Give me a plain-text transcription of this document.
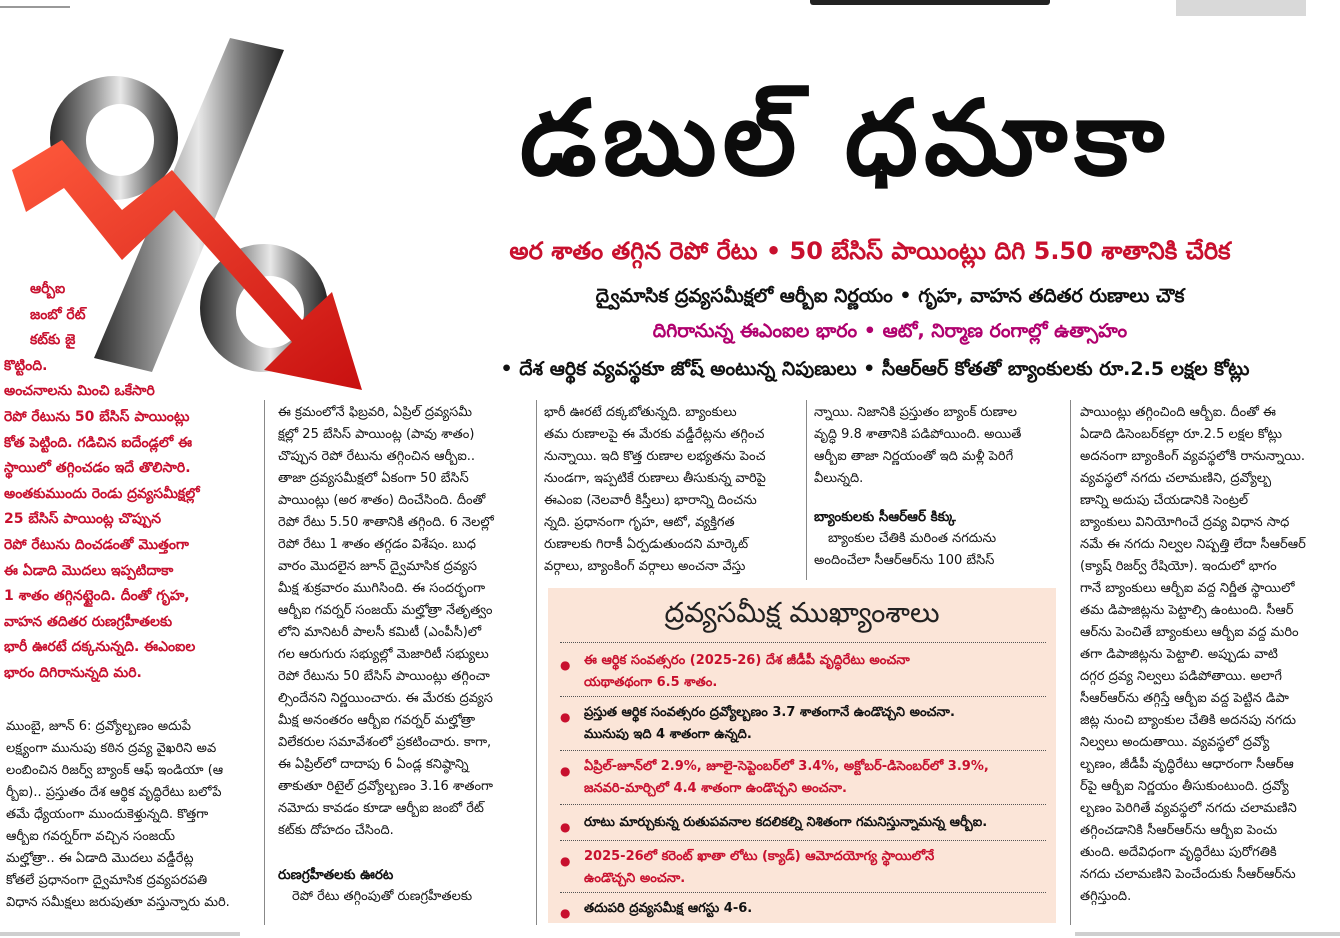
డబుల్ ధమాకా
అర శాతం తగ్గిన రెపో రేటు • 50 బేసిస్ పాయింట్లు దిగి 5.50 శాతానికి చేరిక
ద్వైమాసిక ద్రవ్యసమీక్షలో ఆర్బీఐ నిర్ణయం • గృహ, వాహన తదితర రుణాలు చౌక
దిగిరానున్న ఈఎంఐల భారం • ఆటో, నిర్మాణ రంగాల్లో ఉత్సాహం
• దేశ ఆర్థిక వ్యవస్థకూ జోష్ అంటున్న నిపుణులు • సీఆర్ఆర్ కోతతో బ్యాంకులకు రూ.2.5 లక్షల కోట్లు
ఆర్బీఐ
జంబో రేట్
కట్‌కు జై
కొట్టింది.
అంచనాలను మించి ఒకేసారి
రెపో రేటును 50 బేసిస్ పాయింట్లు
కోత పెట్టింది. గడిచిన ఐదేండ్లలో ఈ
స్థాయిలో తగ్గించడం ఇదే తొలిసారి.
అంతకుముందు రెండు ద్రవ్యసమీక్షల్లో
25 బేసిస్ పాయింట్ల చొప్పున
రెపో రేటును దించడంతో మొత్తంగా
ఈ ఏడాది మొదలు ఇప్పటిదాకా
1 శాతం తగ్గినట్టైంది. దీంతో గృహ,
వాహన తదితర రుణగ్రహీతలకు
భారీ ఊరటే దక్కనున్నది. ఈఎంఐల
భారం దిగిరానున్నది మరి.
ముంబై, జూన్ 6: ద్రవ్యోల్బణం అదుపే
లక్ష్యంగా మునుపు కఠిన ద్రవ్య వైఖరిని అవ
లంబించిన రిజర్వ్ బ్యాంక్ ఆఫ్ ఇండియా (ఆ
ర్బీఐ).. ప్రస్తుతం దేశ ఆర్థిక వృద్ధిరేటు బలోపే
తమే ధ్యేయంగా ముందుకెళ్తున్నది. కొత్తగా
ఆర్బీఐ గవర్నర్‌గా వచ్చిన సంజయ్
మల్హోత్రా.. ఈ ఏడాది మొదలు వడ్డీరేట్ల
కోతలే ప్రధానంగా ద్వైమాసిక ద్రవ్యపరపతి
విధాన సమీక్షలు జరుపుతూ వస్తున్నారు మరి.
ఈ క్రమంలోనే ఫిబ్రవరి, ఏప్రిల్ ద్రవ్యసమీ
క్షల్లో 25 బేసిస్ పాయింట్ల (పావు శాతం)
చొప్పున రెపో రేటును తగ్గించిన ఆర్బీఐ..
తాజా ద్రవ్యసమీక్షలో ఏకంగా 50 బేసిస్
పాయింట్లు (అర శాతం) దించేసింది. దీంతో
రెపో రేటు 5.50 శాతానికి తగ్గింది. 6 నెలల్లో
రెపో రేటు 1 శాతం తగ్గడం విశేషం. బుధ
వారం మొదలైన జూన్ ద్వైమాసిక ద్రవ్యస
మీక్ష శుక్రవారం ముగిసింది. ఈ సందర్భంగా
ఆర్బీఐ గవర్నర్ సంజయ్ మల్హోత్రా నేతృత్వం
లోని మానిటరీ పాలసీ కమిటీ (ఎంపీసీ)లో
గల ఆరుగురు సభ్యుల్లో మెజారిటీ సభ్యులు
రెపో రేటును 50 బేసిస్ పాయింట్లు తగ్గించా
ల్సిందేనని నిర్ణయించారు. ఈ మేరకు ద్రవ్యస
మీక్ష అనంతరం ఆర్బీఐ గవర్నర్ మల్హోత్రా
విలేకరుల సమావేశంలో ప్రకటించారు. కాగా,
ఈ ఏప్రిల్‌లో దాదాపు 6 ఏండ్ల కనిష్ఠాన్ని
తాకుతూ రిటైల్ ద్రవ్యోల్బణం 3.16 శాతంగా
నమోదు కావడం కూడా ఆర్బీఐ జంబో రేట్
కట్‌కు దోహదం చేసింది.
రుణగ్రహీతలకు ఊరట
రెపో రేటు తగ్గింపుతో రుణగ్రహీతలకు
భారీ ఊరటే దక్కబోతున్నది. బ్యాంకులు
తమ రుణాలపై ఈ మేరకు వడ్డీరేట్లను తగ్గించ
నున్నాయి. ఇది కొత్త రుణాల లభ్యతను పెంచ
నుండగా, ఇప్పటికే రుణాలు తీసుకున్న వారిపై
ఈఎంఐ (నెలవారీ కిస్తీలు) భారాన్ని దించను
న్నది. ప్రధానంగా గృహ, ఆటో, వ్యక్తిగత
రుణాలకు గిరాకీ ఏర్పడుతుందని మార్కెట్
వర్గాలు, బ్యాంకింగ్ వర్గాలు అంచనా వేస్తు
న్నాయి. నిజానికి ప్రస్తుతం బ్యాంక్ రుణాల
వృద్ధి 9.8 శాతానికి పడిపోయింది. అయితే
ఆర్బీఐ తాజా నిర్ణయంతో ఇది మళ్లీ పెరిగే
వీలున్నది.
బ్యాంకులకు సీఆర్ఆర్ కిక్కు
బ్యాంకుల చేతికి మరింత నగదును
అందించేలా సీఆర్ఆర్‌ను 100 బేసిస్
పాయింట్లు తగ్గించింది ఆర్బీఐ. దీంతో ఈ
ఏడాది డిసెంబర్‌కల్లా రూ.2.5 లక్షల కోట్లు
అదనంగా బ్యాంకింగ్ వ్యవస్థలోకి రానున్నాయి.
వ్యవస్థలో నగదు చలామణిని, ద్రవ్యోల్బ
ణాన్ని అదుపు చేయడానికి సెంట్రల్
బ్యాంకులు వినియోగించే ద్రవ్య విధాన సాధ
నమే ఈ నగదు నిల్వల నిష్పత్తి లేదా సీఆర్ఆర్
(క్యాష్ రిజర్వ్ రేషియో). ఇందులో భాగం
గానే బ్యాంకులు ఆర్బీఐ వద్ద నిర్ణీత స్థాయిలో
తమ డిపాజిట్లను పెట్టాల్సి ఉంటుంది. సీఆర్
ఆర్‌ను పెంచితే బ్యాంకులు ఆర్బీఐ వద్ద మరిం
తగా డిపాజిట్లను పెట్టాలి. అప్పుడు వాటి
దగ్గర ద్రవ్య నిల్వలు పడిపోతాయి. అలాగే
సీఆర్ఆర్‌ను తగ్గిస్తే ఆర్బీఐ వద్ద పెట్టిన డిపా
జిట్ల నుంచి బ్యాంకుల చేతికి అదనపు నగదు
నిల్వలు అందుతాయి. వ్యవస్థలో ద్రవ్యో
ల్బణం, జీడీపీ వృద్ధిరేటు ఆధారంగా సీఆర్ఆ
ర్‌పై ఆర్బీఐ నిర్ణయం తీసుకుంటుంది. ద్రవ్యో
ల్బణం పెరిగితే వ్యవస్థలో నగదు చలామణిని
తగ్గించడానికి సీఆర్ఆర్‌ను ఆర్బీఐ పెంచు
తుంది. అదేవిధంగా వృద్ధిరేటు పురోగతికి
నగదు చలామణిని పెంచేందుకు సీఆర్ఆర్‌ను
తగ్గిస్తుంది.
ద్రవ్యసమీక్ష ముఖ్యాంశాలు
● ఈ ఆర్థిక సంవత్సరం (2025-26) దేశ జీడీపీ వృద్ధిరేటు అంచనా
యథాతథంగా 6.5 శాతం.
● ప్రస్తుత ఆర్థిక సంవత్సరం ద్రవ్యోల్బణం 3.7 శాతంగానే ఉండొచ్చని అంచనా.
మునుపు ఇది 4 శాతంగా ఉన్నది.
● ఏప్రిల్-జూన్‌లో 2.9%, జూలై-సెప్టెంబర్‌లో 3.4%, అక్టోబర్-డిసెంబర్‌లో 3.9%,
జనవరి-మార్చిలో 4.4 శాతంగా ఉండొచ్చని అంచనా.
● రూటు మార్చుకున్న రుతుపవనాల కదలికల్ని నిశితంగా గమనిస్తున్నామన్న ఆర్బీఐ.
● 2025-26లో కరెంట్ ఖాతా లోటు (క్యాడ్) ఆమోదయోగ్య స్థాయిలోనే
ఉండొచ్చని అంచనా.
● తదుపరి ద్రవ్యసమీక్ష ఆగస్టు 4-6.
